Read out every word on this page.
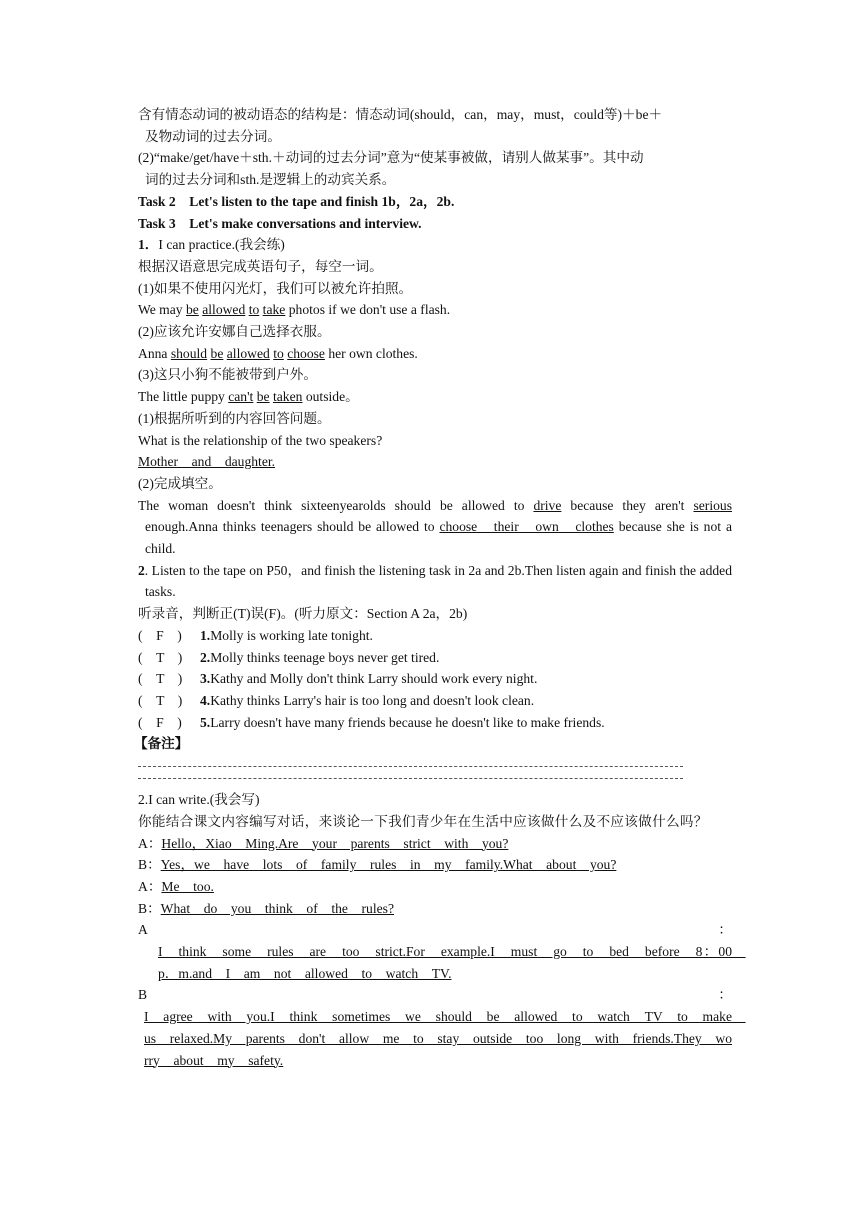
含有情态动词的被动语态的结构是：情态动词(should，can，may，must，could等)＋be＋
及物动词的过去分词。
(2)“make/get/have＋sth.＋动词的过去分词”意为“使某事被做，请别人做某事”。其中动
词的过去分词和sth.是逻辑上的动宾关系。
Task 2　Let's listen to the tape and finish 1b，2a，2b.
Task 3　Let's make conversations and interview.
1．I can practice.(我会练)
根据汉语意思完成英语句子，每空一词。
(1)如果不使用闪光灯，我们可以被允许拍照。
We may be allowed to take photos if we don't use a flash.
(2)应该允许安娜自己选择衣服。
Anna should be allowed to choose her own clothes.
(3)这只小狗不能被带到户外。
The little puppy can't be taken outside。
(1)根据所听到的内容回答问题。
What is the relationship of the two speakers?
Mother　and　daughter.
(2)完成填空。
The woman doesn't think sixteenyearolds should be allowed to drive because they aren't serious enough.Anna thinks teenagers should be allowed to choose　their　own　clothes because she is not a child.
2. Listen to the tape on P50，and finish the listening task in 2a and 2b.Then listen again and finish the added tasks.
听录音，判断正(T)误(F)。(听力原文：Section A 2a，2b)
(　F　) 1.Molly is working late tonight.
(　T　) 2.Molly thinks teenage boys never get tired.
(　T　) 3.Kathy and Molly don't think Larry should work every night.
(　T　) 4.Kathy thinks Larry's hair is too long and doesn't look clean.
(　F　) 5.Larry doesn't have many friends because he doesn't like to make friends.
【备注】
2.I can write.(我会写)
你能结合课文内容编写对话，来谈论一下我们青少年在生活中应该做什么及不应该做什么吗？
A：Hello，Xiao　Ming.Are　your　parents　strict　with　you?
B：Yes，we　have　lots　of　family　rules　in　my　family.What　about　you?
A：Me　too.
B：What　do　you　think　of　the　rules?
A	：
I　think　some　rules　are　too　strict.For　example.I　must　go　to　bed　before　8：00　p．m.and　I　am　not　allowed　to　watch　TV.
B	：
I　agree　with　you.I　think　sometimes　we　should　be　allowed　to　watch　TV　to　make　us　relaxed.My　parents　don't　allow　me　to　stay　outside　too　long　with　friends.They　worry　about　my　safety.
